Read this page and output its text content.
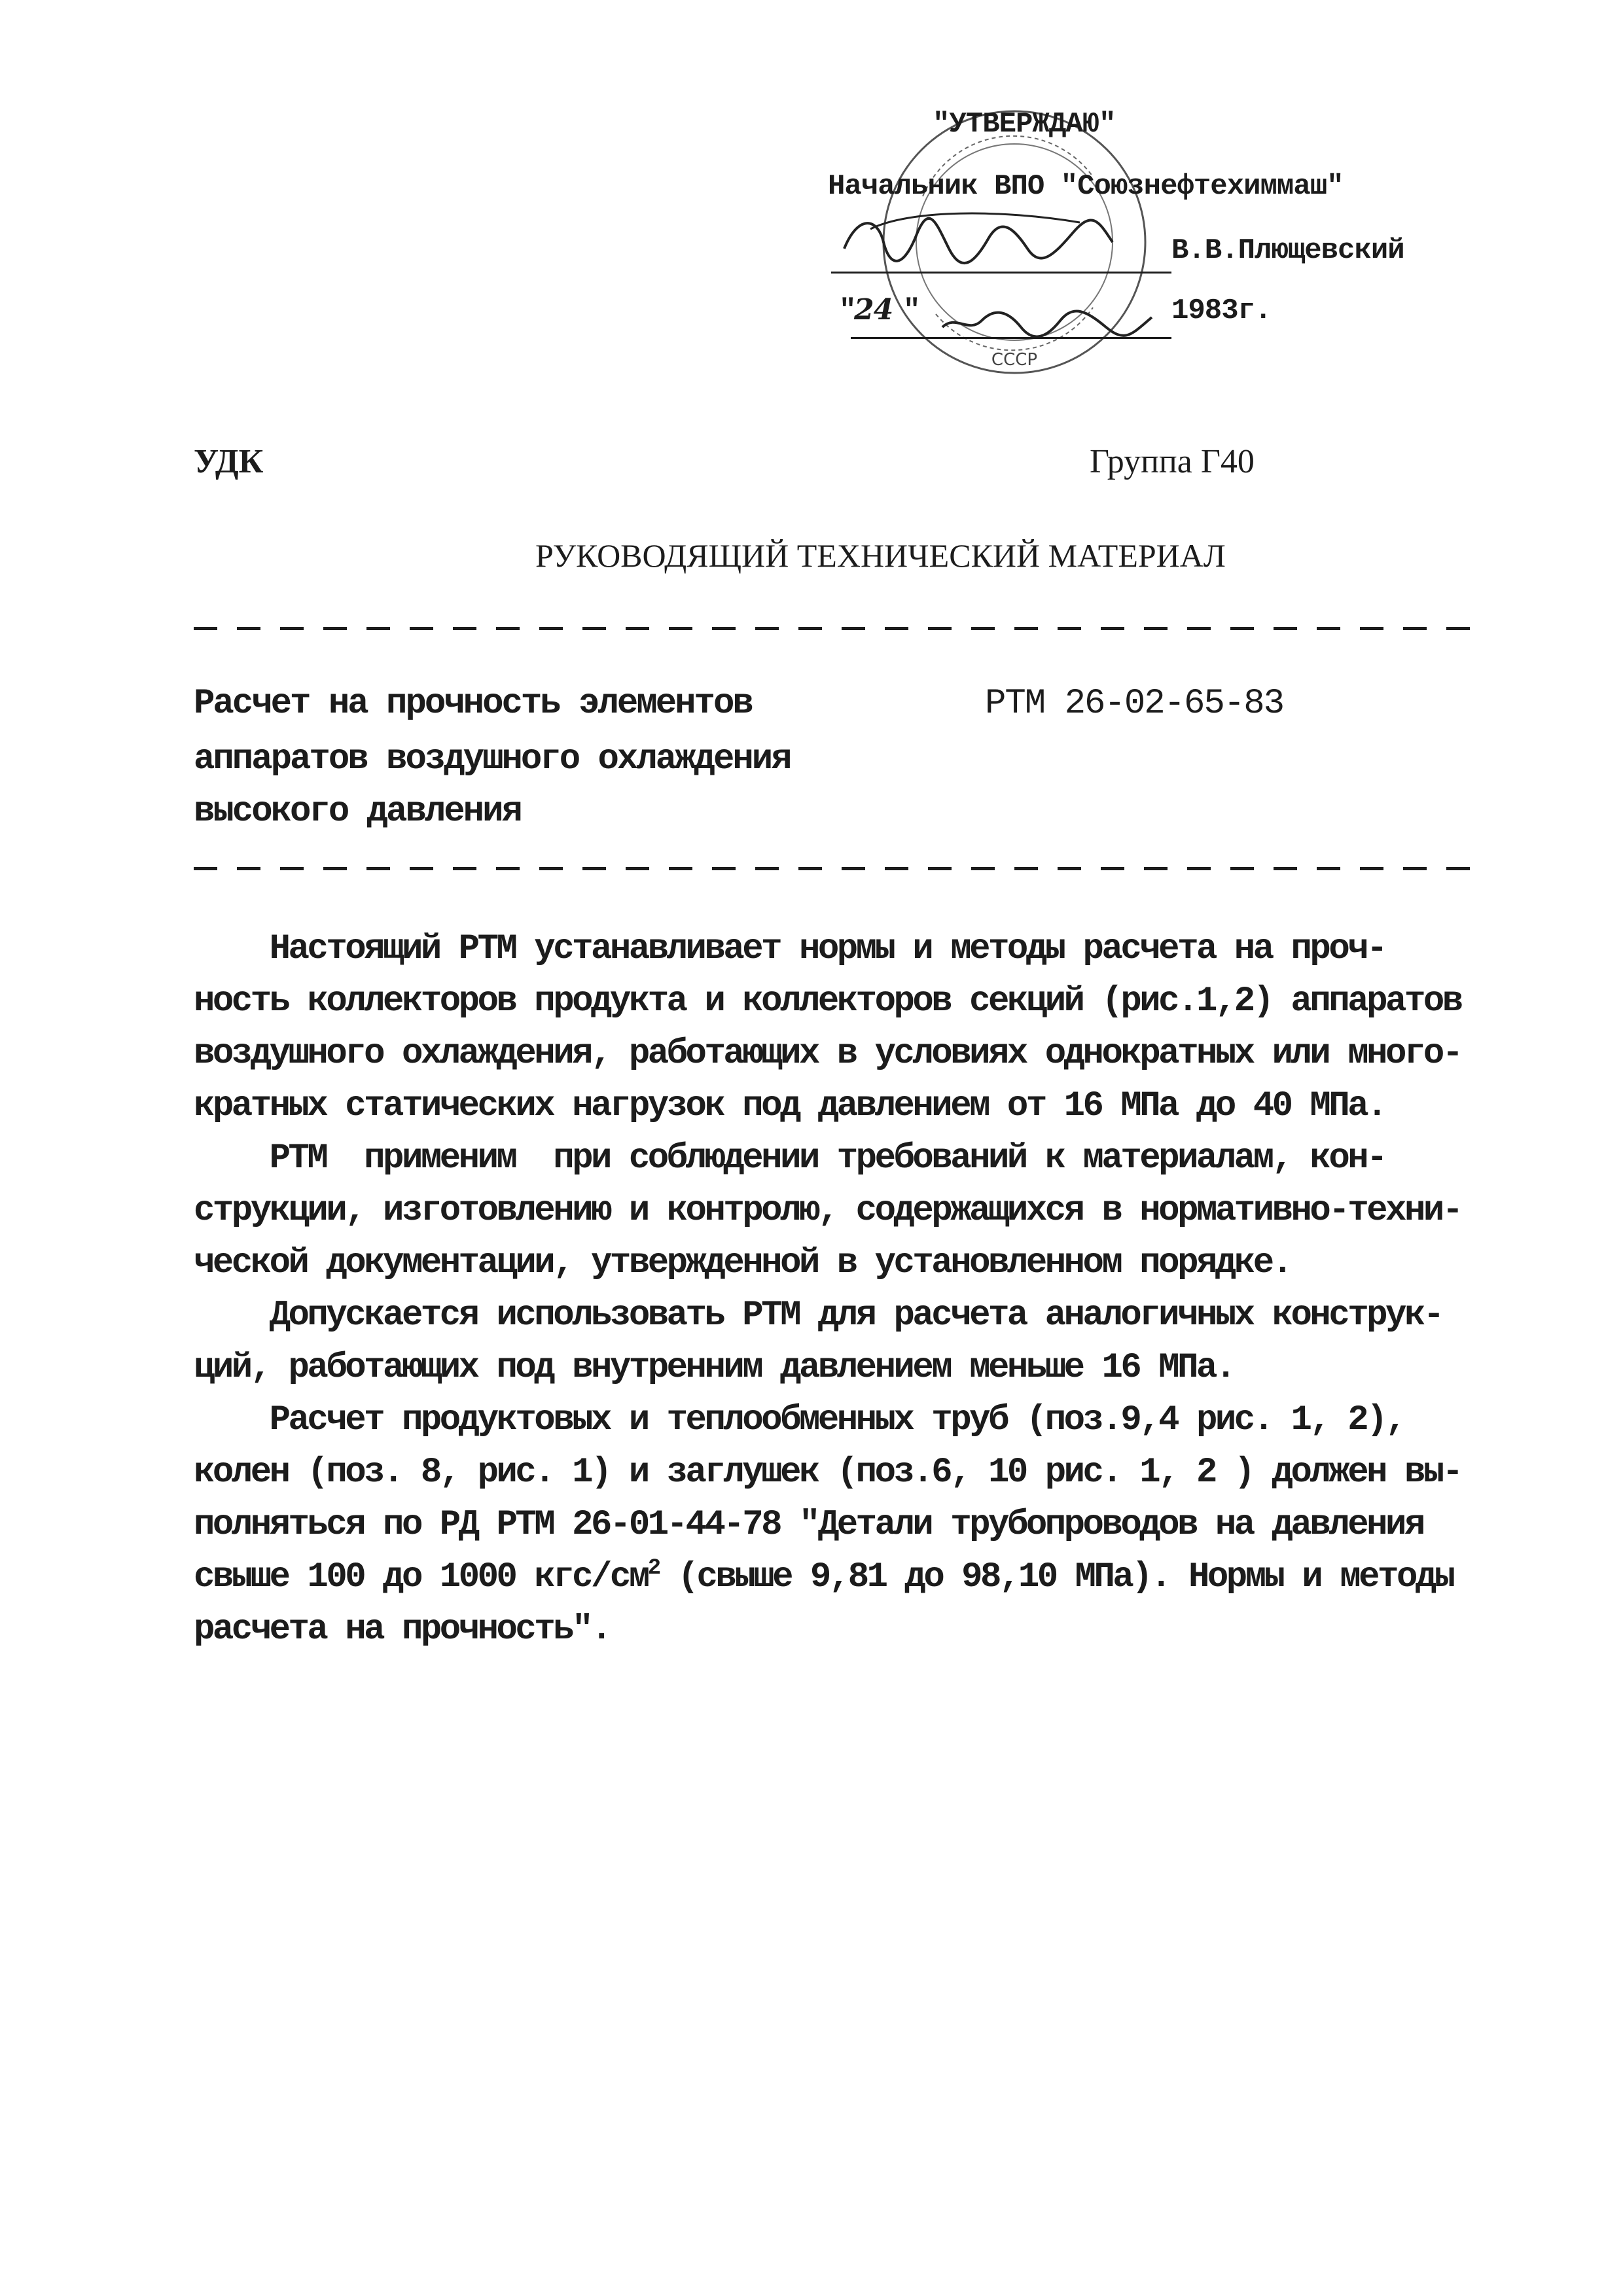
СССР
"УТВЕРЖДАЮ"
Начальник ВПО "Союзнефтехиммаш"
В.В.Плющевский
"
24 "	1983г.
УДК	Группа Г40
РУКОВОДЯЩИЙ ТЕХНИЧЕСКИЙ МАТЕРИАЛ
Расчет на прочность элементов
аппаратов воздушного охлаждения
высокого давления
РТМ 26-02-65-83
Настоящий РТМ устанавливает нормы и методы расчета на проч-
ность коллекторов продукта и коллекторов секций (рис.1,2) аппаратов
воздушного охлаждения, работающих в условиях однократных или много-
кратных статических нагрузок под давлением от 16 МПа до 40 МПа.
РТМ  применим  при соблюдении требований к материалам, кон-
струкции, изготовлению и контролю, содержащихся в нормативно-техни-
ческой документации, утвержденной в установленном порядке.
Допускается использовать РТМ для расчета аналогичных конструк-
ций, работающих под внутренним давлением меньше 16 МПа.
Расчет продуктовых и теплообменных труб (поз.9,4 рис. 1, 2),
колен (поз. 8, рис. 1) и заглушек (поз.6, 10 рис. 1, 2 ) должен вы-
полняться по РД РТМ 26-01-44-78 "Детали трубопроводов на давления
свыше 100 до 1000 кгс/$см^2$ (свыше 9,81 до 98,10 МПа). Нормы и методы
расчета на прочность".
